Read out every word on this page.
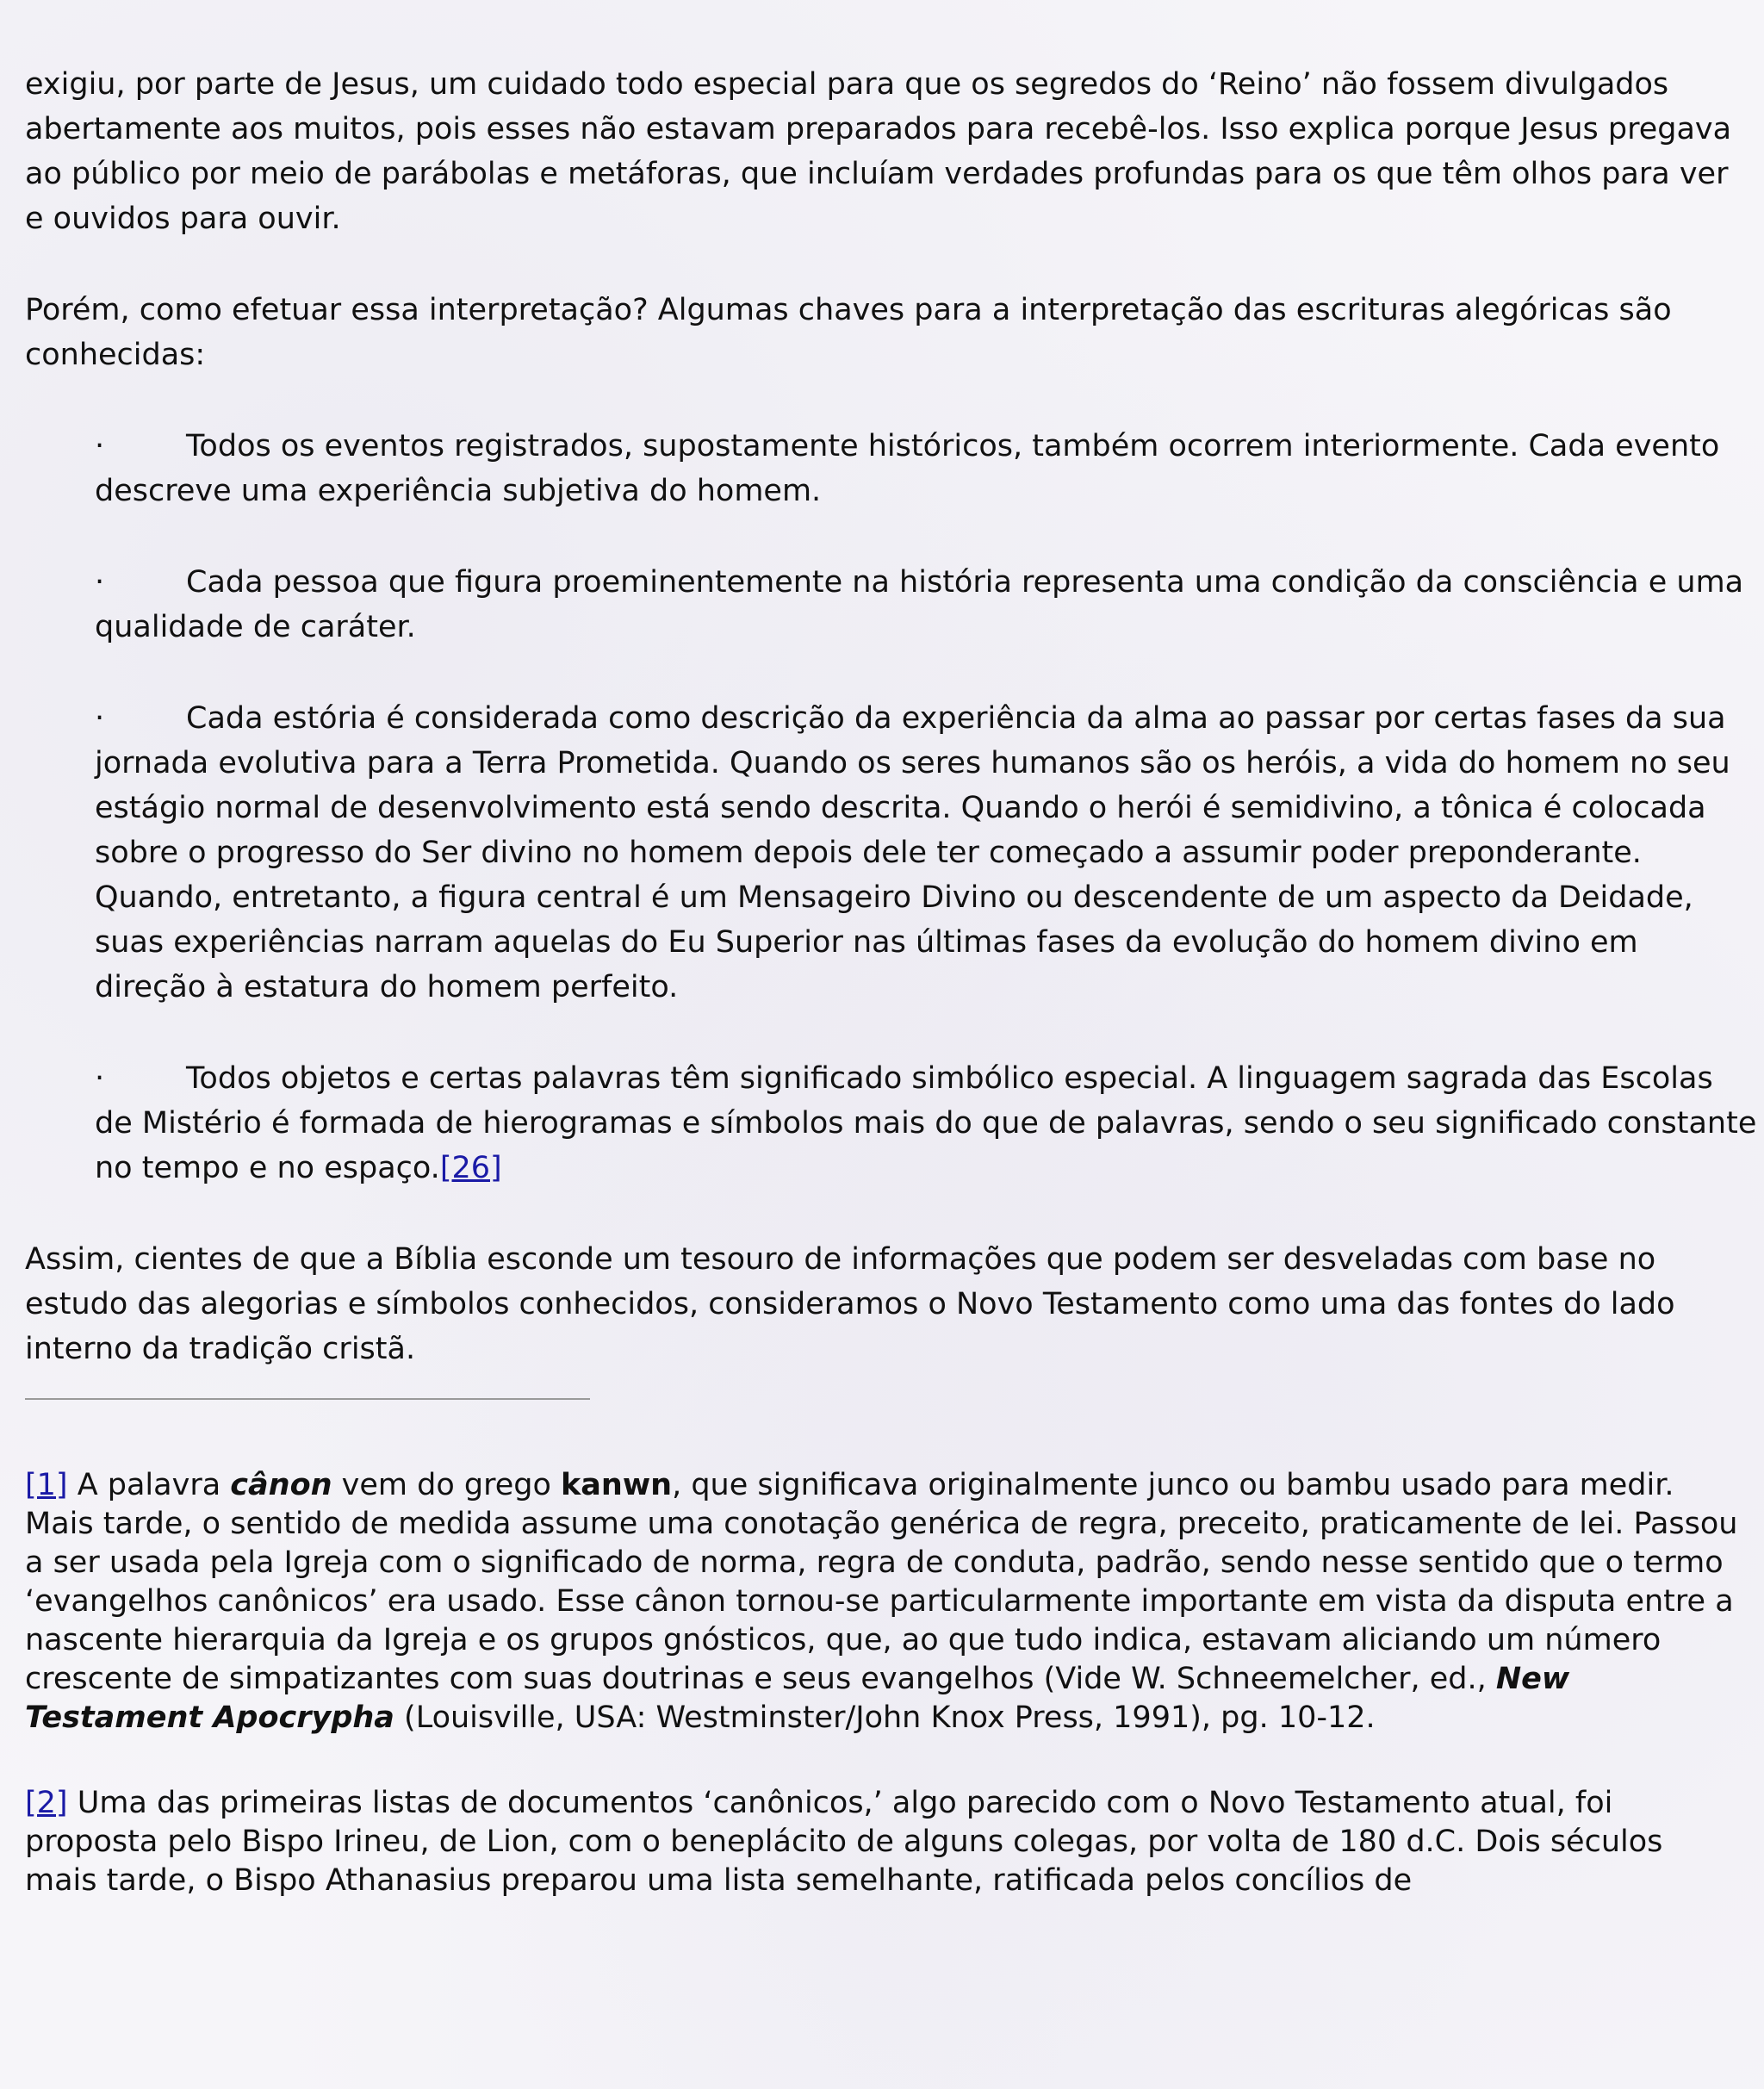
exigiu, por parte de Jesus, um cuidado todo especial para que os segredos do ‘Reino’ não fossem divulgados abertamente aos muitos, pois esses não estavam preparados para recebê-los. Isso explica porque Jesus pregava ao público por meio de parábolas e metáforas, que incluíam verdades profundas para os que têm olhos para ver e ouvidos para ouvir.

Porém, como efetuar essa interpretação? Algumas chaves para a interpretação das escrituras alegóricas são conhecidas:

·	Todos os eventos registrados, supostamente históricos, também ocorrem interiormente. Cada evento descreve uma experiência subjetiva do homem.

·	Cada pessoa que figura proeminentemente na história representa uma condição da consciência e uma qualidade de caráter.

·	Cada estória é considerada como descrição da experiência da alma ao passar por certas fases da sua jornada evolutiva para a Terra Prometida. Quando os seres humanos são os heróis, a vida do homem no seu estágio normal de desenvolvimento está sendo descrita. Quando o herói é semidivino, a tônica é colocada sobre o progresso do Ser divino no homem depois dele ter começado a assumir poder preponderante. Quando, entretanto, a figura central é um Mensageiro Divino ou descendente de um aspecto da Deidade, suas experiências narram aquelas do Eu Superior nas últimas fases da evolução do homem divino em direção à estatura do homem perfeito.

·	Todos objetos e certas palavras têm significado simbólico especial. A linguagem sagrada das Escolas de Mistério é formada de hierogramas e símbolos mais do que de palavras, sendo o seu significado constante no tempo e no espaço.[26]

Assim, cientes de que a Bíblia esconde um tesouro de informações que podem ser desveladas com base no estudo das alegorias e símbolos conhecidos, consideramos o Novo Testamento como uma das fontes do lado interno da tradição cristã.

[1] A palavra cânon vem do grego kanwn, que significava originalmente junco ou bambu usado para medir. Mais tarde, o sentido de medida assume uma conotação genérica de regra, preceito, praticamente de lei. Passou a ser usada pela Igreja com o significado de norma, regra de conduta, padrão, sendo nesse sentido que o termo ‘evangelhos canônicos’ era usado. Esse cânon tornou-se particularmente importante em vista da disputa entre a nascente hierarquia da Igreja e os grupos gnósticos, que, ao que tudo indica, estavam aliciando um número crescente de simpatizantes com suas doutrinas e seus evangelhos (Vide W. Schneemelcher, ed., New Testament Apocrypha (Louisville, USA: Westminster/John Knox Press, 1991), pg. 10-12.

[2] Uma das primeiras listas de documentos ‘canônicos,’ algo parecido com o Novo Testamento atual, foi proposta pelo Bispo Irineu, de Lion, com o beneplácito de alguns colegas, por volta de 180 d.C. Dois séculos mais tarde, o Bispo Athanasius preparou uma lista semelhante, ratificada pelos concílios de
